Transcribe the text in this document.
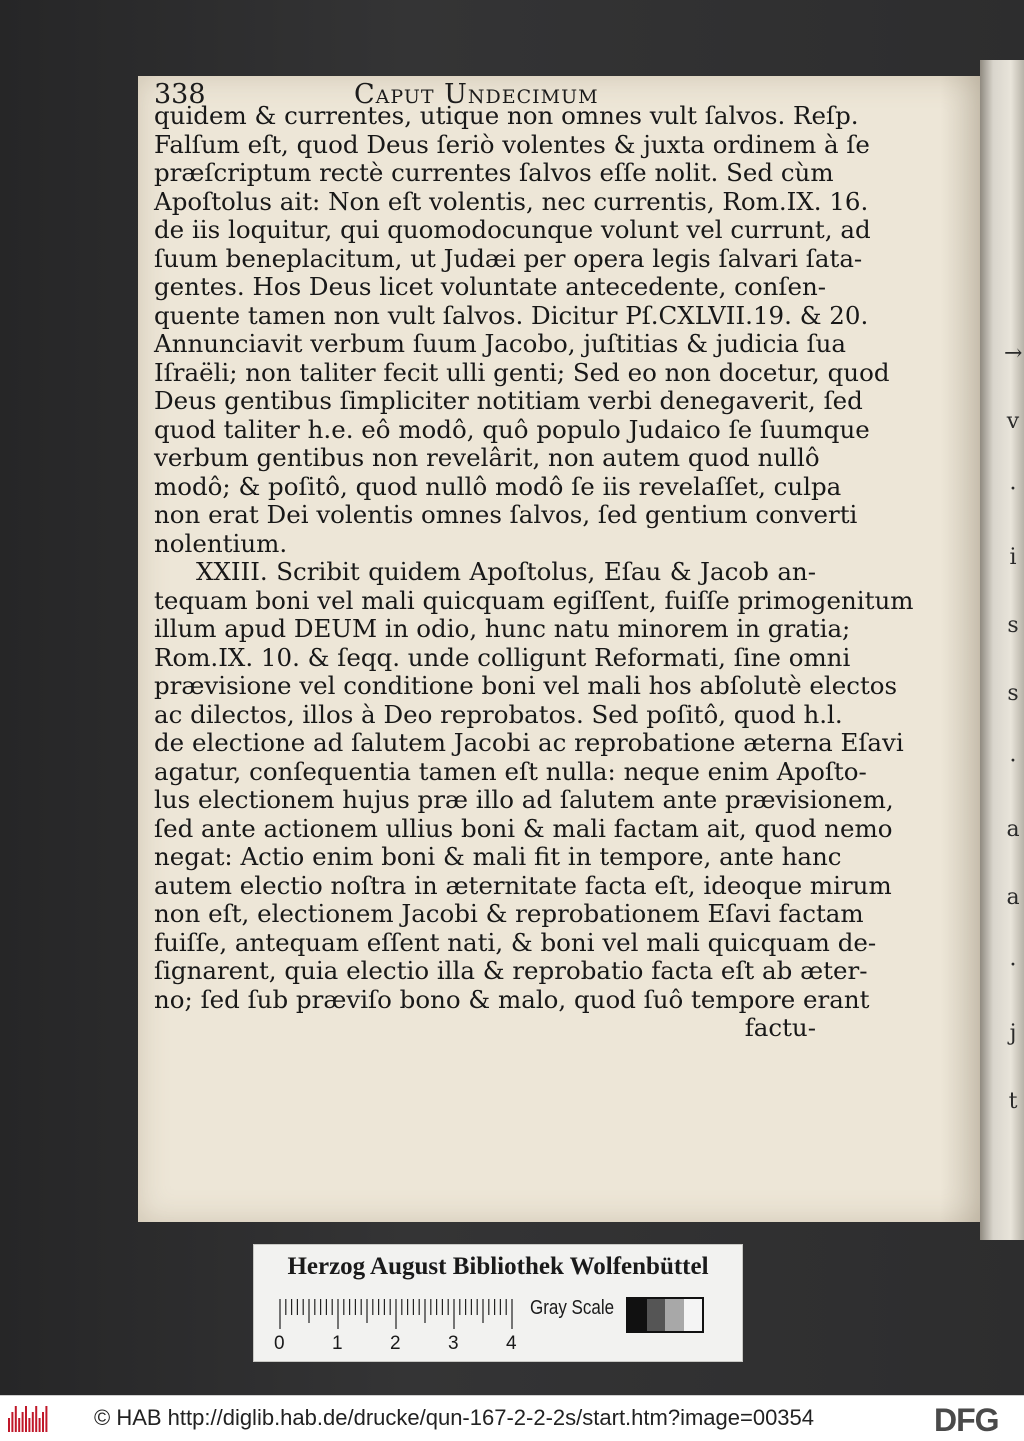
338	Caput Undecimum
quidem & currentes, utique non omnes vult ſalvos. Reſp.
Falſum eſt, quod Deus ſeriò volentes & juxta ordinem à ſe
præſcriptum rectè currentes ſalvos eſſe nolit. Sed cùm
Apoſtolus ait: Non eſt volentis, nec currentis, Rom.IX. 16.
de iis loquitur, qui quomodocunque volunt vel currunt, ad
ſuum beneplacitum, ut Judæi per opera legis ſalvari ſata-
gentes. Hos Deus licet voluntate antecedente, conſen-
quente tamen non vult ſalvos. Dicitur Pſ.CXLVII.19. & 20.
Annunciavit verbum ſuum Jacobo, juſtitias & judicia ſua
Iſraëli; non taliter fecit ulli genti; Sed eo non docetur, quod
Deus gentibus ſimpliciter notitiam verbi denegaverit, ſed
quod taliter h.e. eô modô, quô populo Judaico ſe ſuumque
verbum gentibus non revelârit, non autem quod nullô
modô; & poſitô, quod nullô modô ſe iis revelaſſet, culpa
non erat Dei volentis omnes ſalvos, ſed gentium converti
nolentium.
XXIII. Scribit quidem Apoſtolus, Eſau & Jacob an-
tequam boni vel mali quicquam egiſſent, fuiſſe primogenitum
illum apud DEUM in odio, hunc natu minorem in gratia;
Rom.IX. 10. & ſeqq. unde colligunt Reformati, ſine omni
prævisione vel conditione boni vel mali hos abſolutè electos
ac dilectos, illos à Deo reprobatos. Sed poſitô, quod h.l.
de electione ad ſalutem Jacobi ac reprobatione æterna Eſavi
agatur, conſequentia tamen eſt nulla: neque enim Apoſto-
lus electionem hujus præ illo ad ſalutem ante prævisionem,
ſed ante actionem ullius boni & mali factam ait, quod nemo
negat: Actio enim boni & mali fit in tempore, ante hanc
autem electio noſtra in æternitate facta eſt, ideoque mirum
non eſt, electionem Jacobi & reprobationem Eſavi factam
fuiſſe, antequam eſſent nati, & boni vel mali quicquam de-
ſignarent, quia electio illa & reprobatio facta eſt ab æter-
no; ſed ſub præviſo bono & malo, quod ſuô tempore erant
factu-
Herzog August Bibliothek Wolfenbüttel
0 1 2 3 4
Gray Scale
© HAB http://diglib.hab.de/drucke/qun-167-2-2-2s/start.htm?image=00354	DFG
→
v
·
i
s
s
·
a
a
·
j
t
